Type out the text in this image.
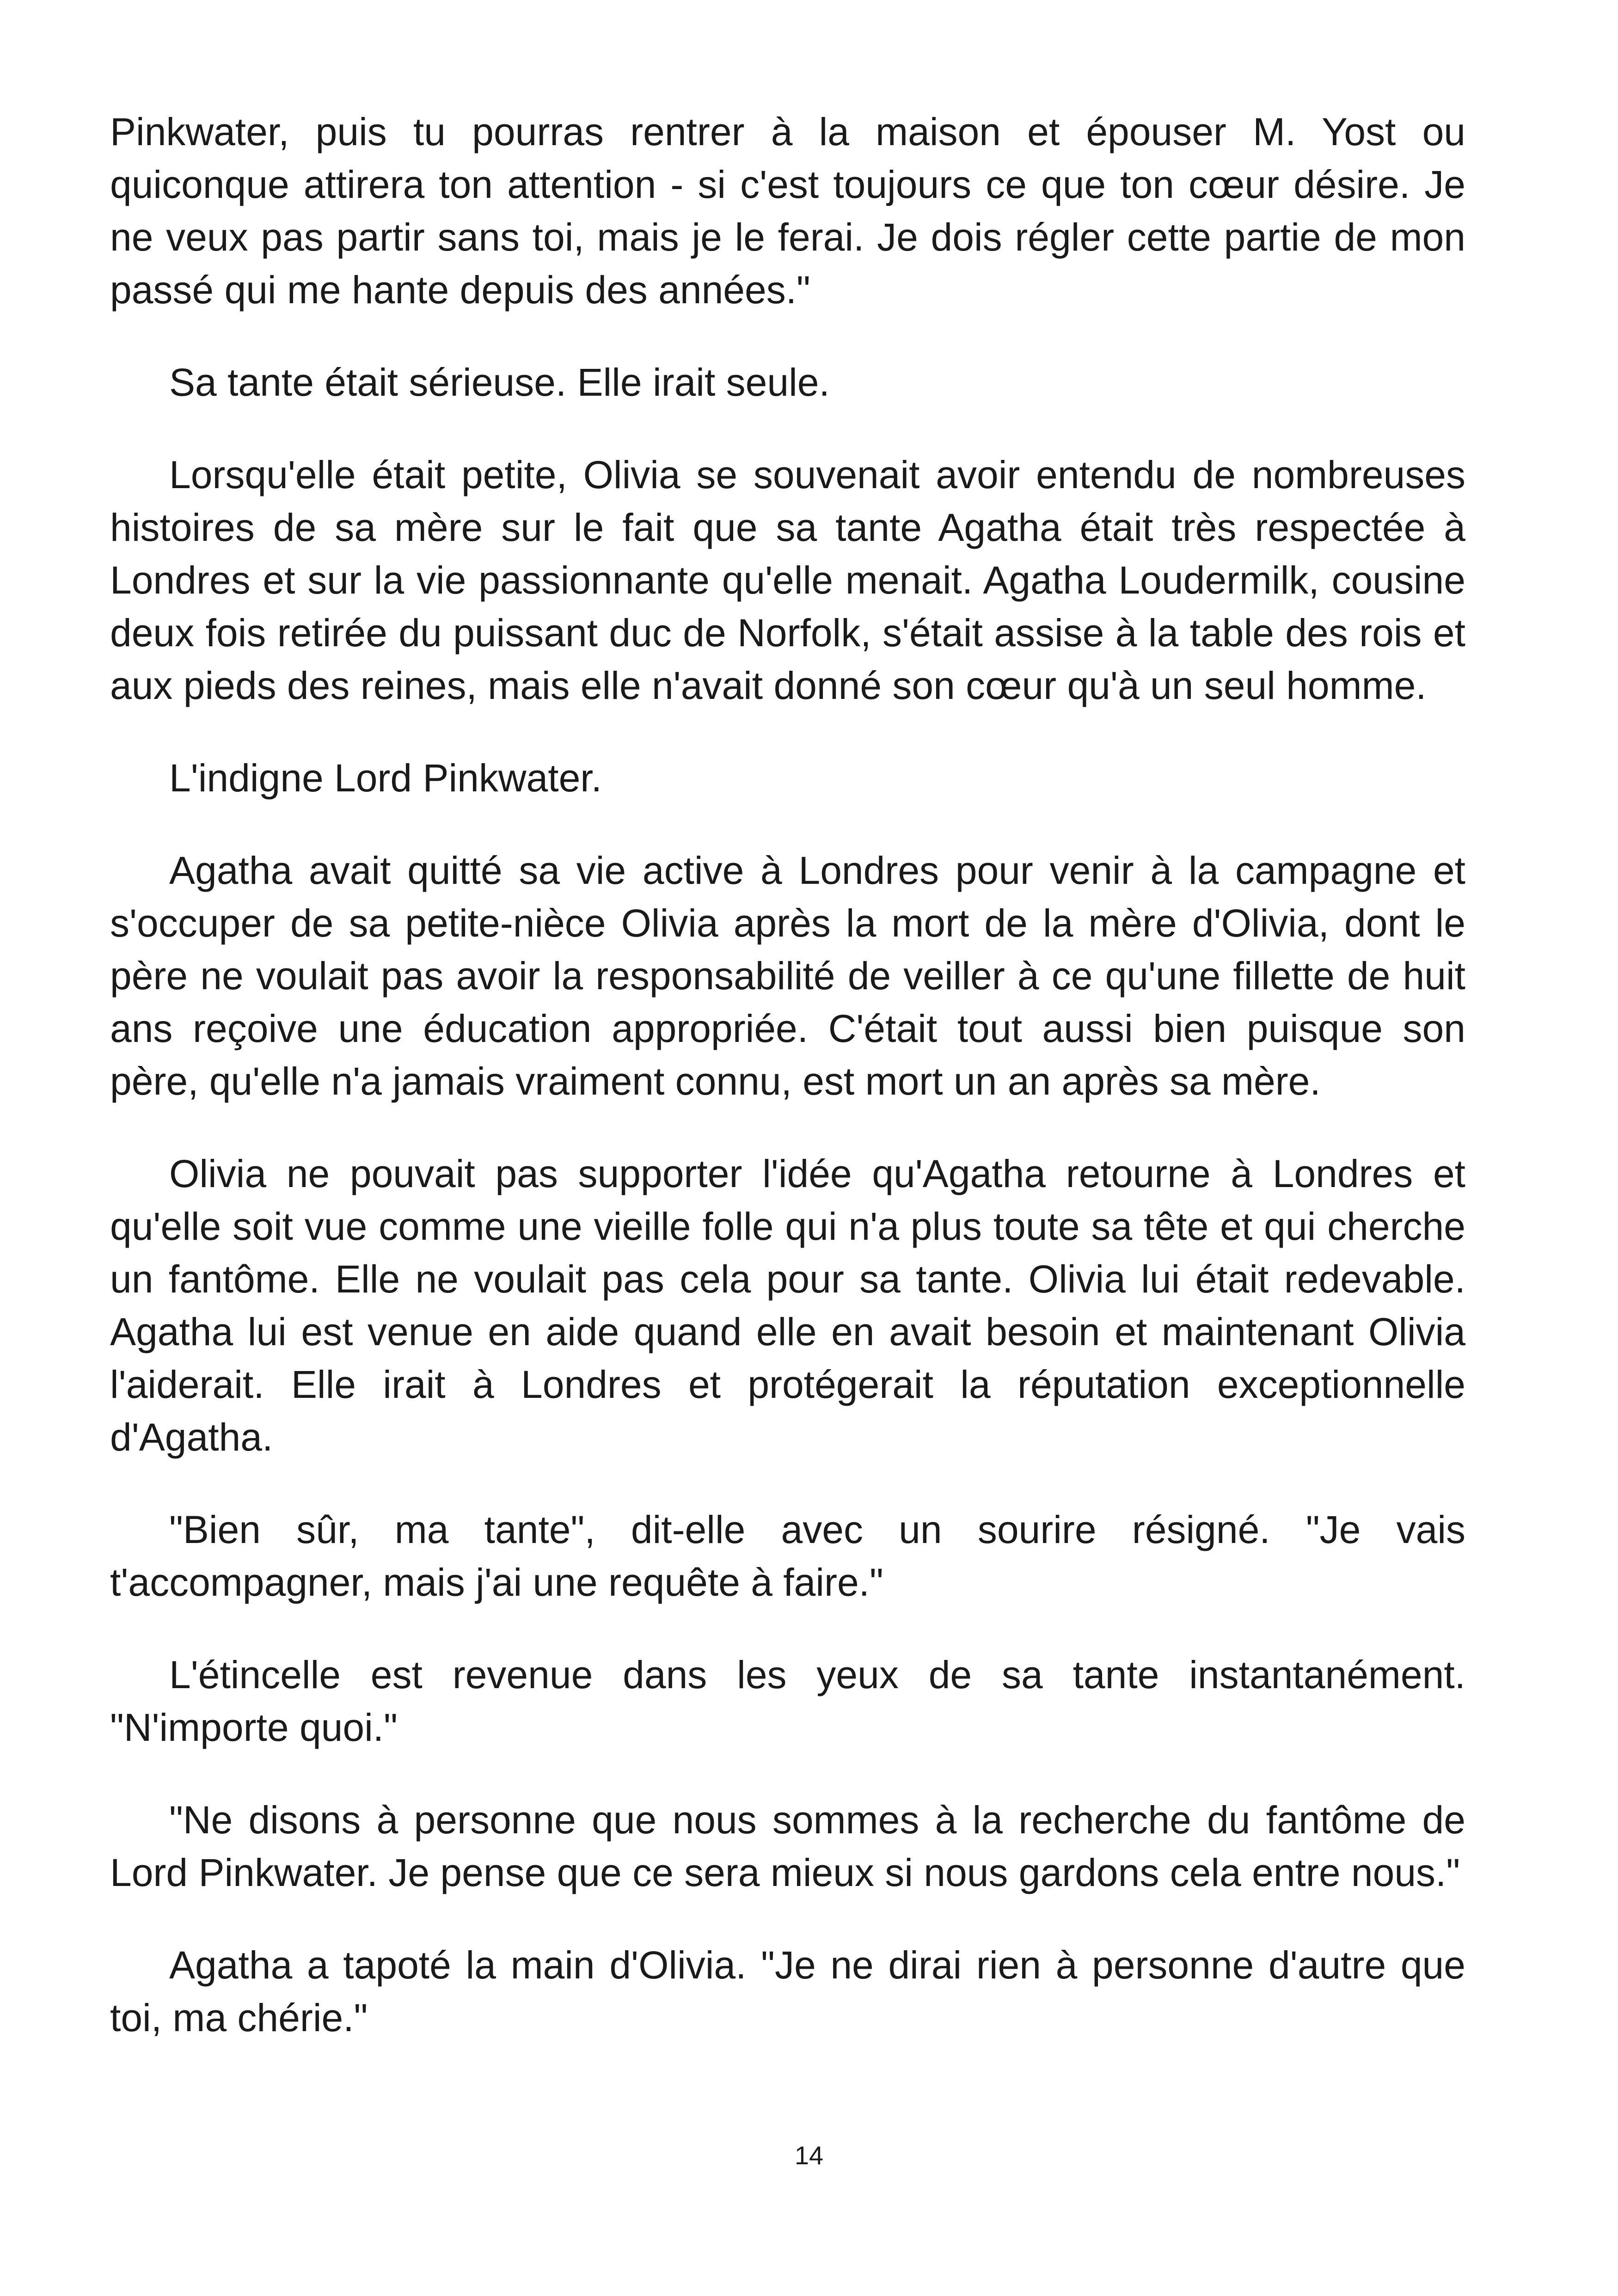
Pinkwater, puis tu pourras rentrer à la maison et épouser M. Yost ou quiconque attirera ton attention - si c'est toujours ce que ton cœur désire. Je ne veux pas partir sans toi, mais je le ferai. Je dois régler cette partie de mon passé qui me hante depuis des années."

Sa tante était sérieuse. Elle irait seule.

Lorsqu'elle était petite, Olivia se souvenait avoir entendu de nombreuses histoires de sa mère sur le fait que sa tante Agatha était très respectée à Londres et sur la vie passionnante qu'elle menait. Agatha Loudermilk, cousine deux fois retirée du puissant duc de Norfolk, s'était assise à la table des rois et aux pieds des reines, mais elle n'avait donné son cœur qu'à un seul homme.

L'indigne Lord Pinkwater.

Agatha avait quitté sa vie active à Londres pour venir à la campagne et s'occuper de sa petite-nièce Olivia après la mort de la mère d'Olivia, dont le père ne voulait pas avoir la responsabilité de veiller à ce qu'une fillette de huit ans reçoive une éducation appropriée. C'était tout aussi bien puisque son père, qu'elle n'a jamais vraiment connu, est mort un an après sa mère.

Olivia ne pouvait pas supporter l'idée qu'Agatha retourne à Londres et qu'elle soit vue comme une vieille folle qui n'a plus toute sa tête et qui cherche un fantôme. Elle ne voulait pas cela pour sa tante. Olivia lui était redevable. Agatha lui est venue en aide quand elle en avait besoin et maintenant Olivia l'aiderait. Elle irait à Londres et protégerait la réputation exceptionnelle d'Agatha.

"Bien sûr, ma tante", dit-elle avec un sourire résigné. "Je vais t'accompagner, mais j'ai une requête à faire."

L'étincelle est revenue dans les yeux de sa tante instantanément. "N'importe quoi."

"Ne disons à personne que nous sommes à la recherche du fantôme de Lord Pinkwater. Je pense que ce sera mieux si nous gardons cela entre nous."

Agatha a tapoté la main d'Olivia. "Je ne dirai rien à personne d'autre que toi, ma chérie."

14
